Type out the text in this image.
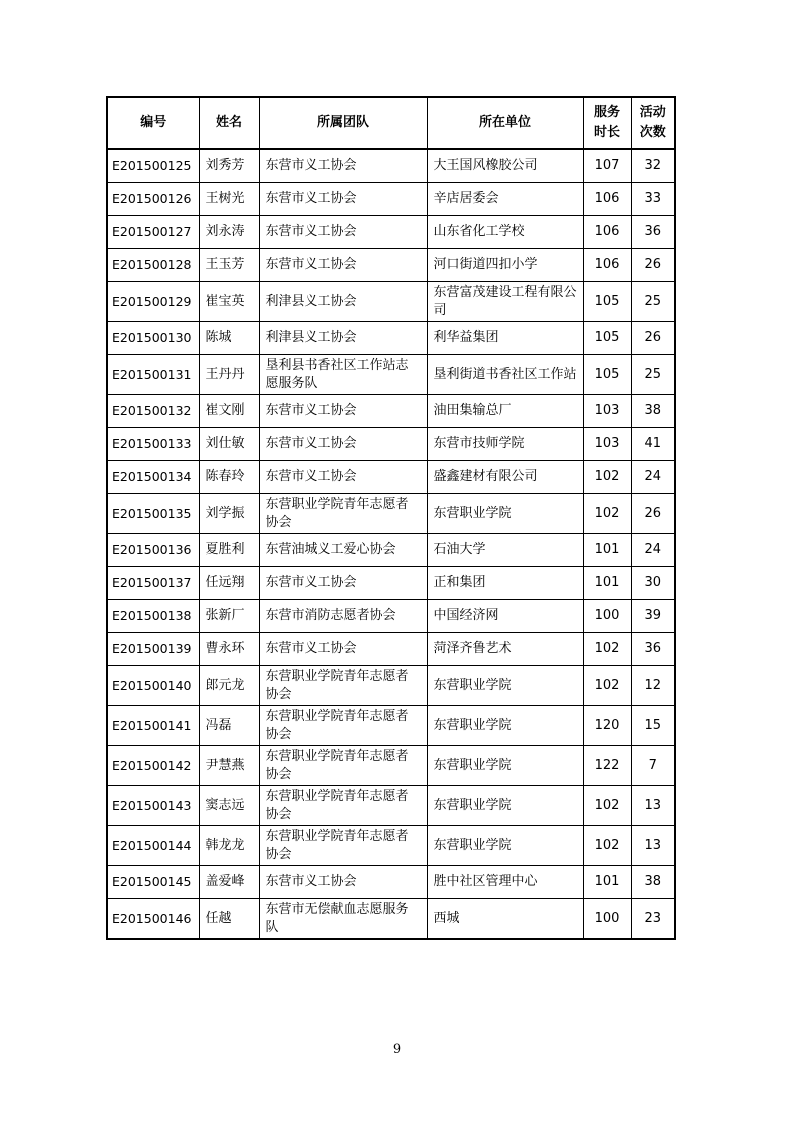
编号	姓名	所属团队	所在单位	服务时长	活动次数
E201500125	刘秀芳	东营市义工协会	大王国风橡胶公司	107	32
E201500126	王树光	东营市义工协会	辛店居委会	106	33
E201500127	刘永涛	东营市义工协会	山东省化工学校	106	36
E201500128	王玉芳	东营市义工协会	河口街道四扣小学	106	26
E201500129	崔宝英	利津县义工协会	东营富茂建设工程有限公司	105	25
E201500130	陈城	利津县义工协会	利华益集团	105	26
E201500131	王丹丹	垦利县书香社区工作站志愿服务队	垦利街道书香社区工作站	105	25
E201500132	崔文刚	东营市义工协会	油田集输总厂	103	38
E201500133	刘仕敏	东营市义工协会	东营市技师学院	103	41
E201500134	陈春玲	东营市义工协会	盛鑫建材有限公司	102	24
E201500135	刘学振	东营职业学院青年志愿者协会	东营职业学院	102	26
E201500136	夏胜利	东营油城义工爱心协会	石油大学	101	24
E201500137	任远翔	东营市义工协会	正和集团	101	30
E201500138	张新厂	东营市消防志愿者协会	中国经济网	100	39
E201500139	曹永环	东营市义工协会	菏泽齐鲁艺术	102	36
E201500140	郎元龙	东营职业学院青年志愿者协会	东营职业学院	102	12
E201500141	冯磊	东营职业学院青年志愿者协会	东营职业学院	120	15
E201500142	尹慧燕	东营职业学院青年志愿者协会	东营职业学院	122	7
E201500143	窦志远	东营职业学院青年志愿者协会	东营职业学院	102	13
E201500144	韩龙龙	东营职业学院青年志愿者协会	东营职业学院	102	13
E201500145	盖爱峰	东营市义工协会	胜中社区管理中心	101	38
E201500146	任越	东营市无偿献血志愿服务队	西城	100	23
9
